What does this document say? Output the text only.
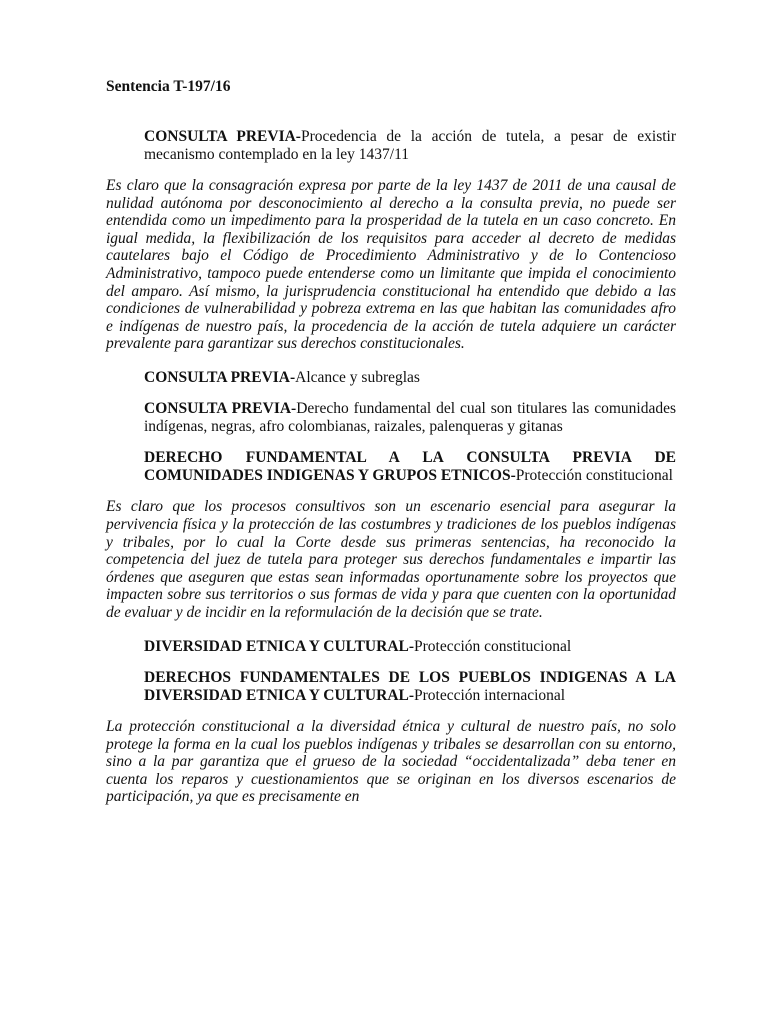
Sentencia T-197/16
CONSULTA PREVIA-Procedencia de la acción de tutela, a pesar de existir mecanismo contemplado en la ley 1437/11

Es claro que la consagración expresa por parte de la ley 1437 de 2011 de una causal de nulidad autónoma por desconocimiento al derecho a la consulta previa, no puede ser entendida como un impedimento para la prosperidad de la tutela en un caso concreto. En igual medida, la flexibilización de los requisitos para acceder al decreto de medidas cautelares bajo el Código de Procedimiento Administrativo y de lo Contencioso Administrativo, tampoco puede entenderse como un limitante que impida el conocimiento del amparo. Así mismo, la jurisprudencia constitucional ha entendido que debido a las condiciones de vulnerabilidad y pobreza extrema en las que habitan las comunidades afro e indígenas de nuestro país, la procedencia de la acción de tutela adquiere un carácter prevalente para garantizar sus derechos constitucionales.

CONSULTA PREVIA-Alcance y subreglas
CONSULTA PREVIA-Derecho fundamental del cual son titulares las comunidades indígenas, negras, afro colombianas, raizales, palenqueras y gitanas
DERECHO FUNDAMENTAL A LA CONSULTA PREVIA DE COMUNIDADES INDIGENAS Y GRUPOS ETNICOS-Protección constitucional

Es claro que los procesos consultivos son un escenario esencial para asegurar la pervivencia física y la protección de las costumbres y tradiciones de los pueblos indígenas y tribales, por lo cual la Corte desde sus primeras sentencias, ha reconocido la competencia del juez de tutela para proteger sus derechos fundamentales e impartir las órdenes que aseguren que estas sean informadas oportunamente sobre los proyectos que impacten sobre sus territorios o sus formas de vida y para que cuenten con la oportunidad de evaluar y de incidir en la reformulación de la decisión que se trate.

DIVERSIDAD ETNICA Y CULTURAL-Protección constitucional
DERECHOS FUNDAMENTALES DE LOS PUEBLOS INDIGENAS A LA DIVERSIDAD ETNICA Y CULTURAL-Protección internacional

La protección constitucional a la diversidad étnica y cultural de nuestro país, no solo protege la forma en la cual los pueblos indígenas y tribales se desarrollan con su entorno, sino a la par garantiza que el grueso de la sociedad “occidentalizada” deba tener en cuenta los reparos y cuestionamientos que se originan en los diversos escenarios de participación, ya que es precisamente en
